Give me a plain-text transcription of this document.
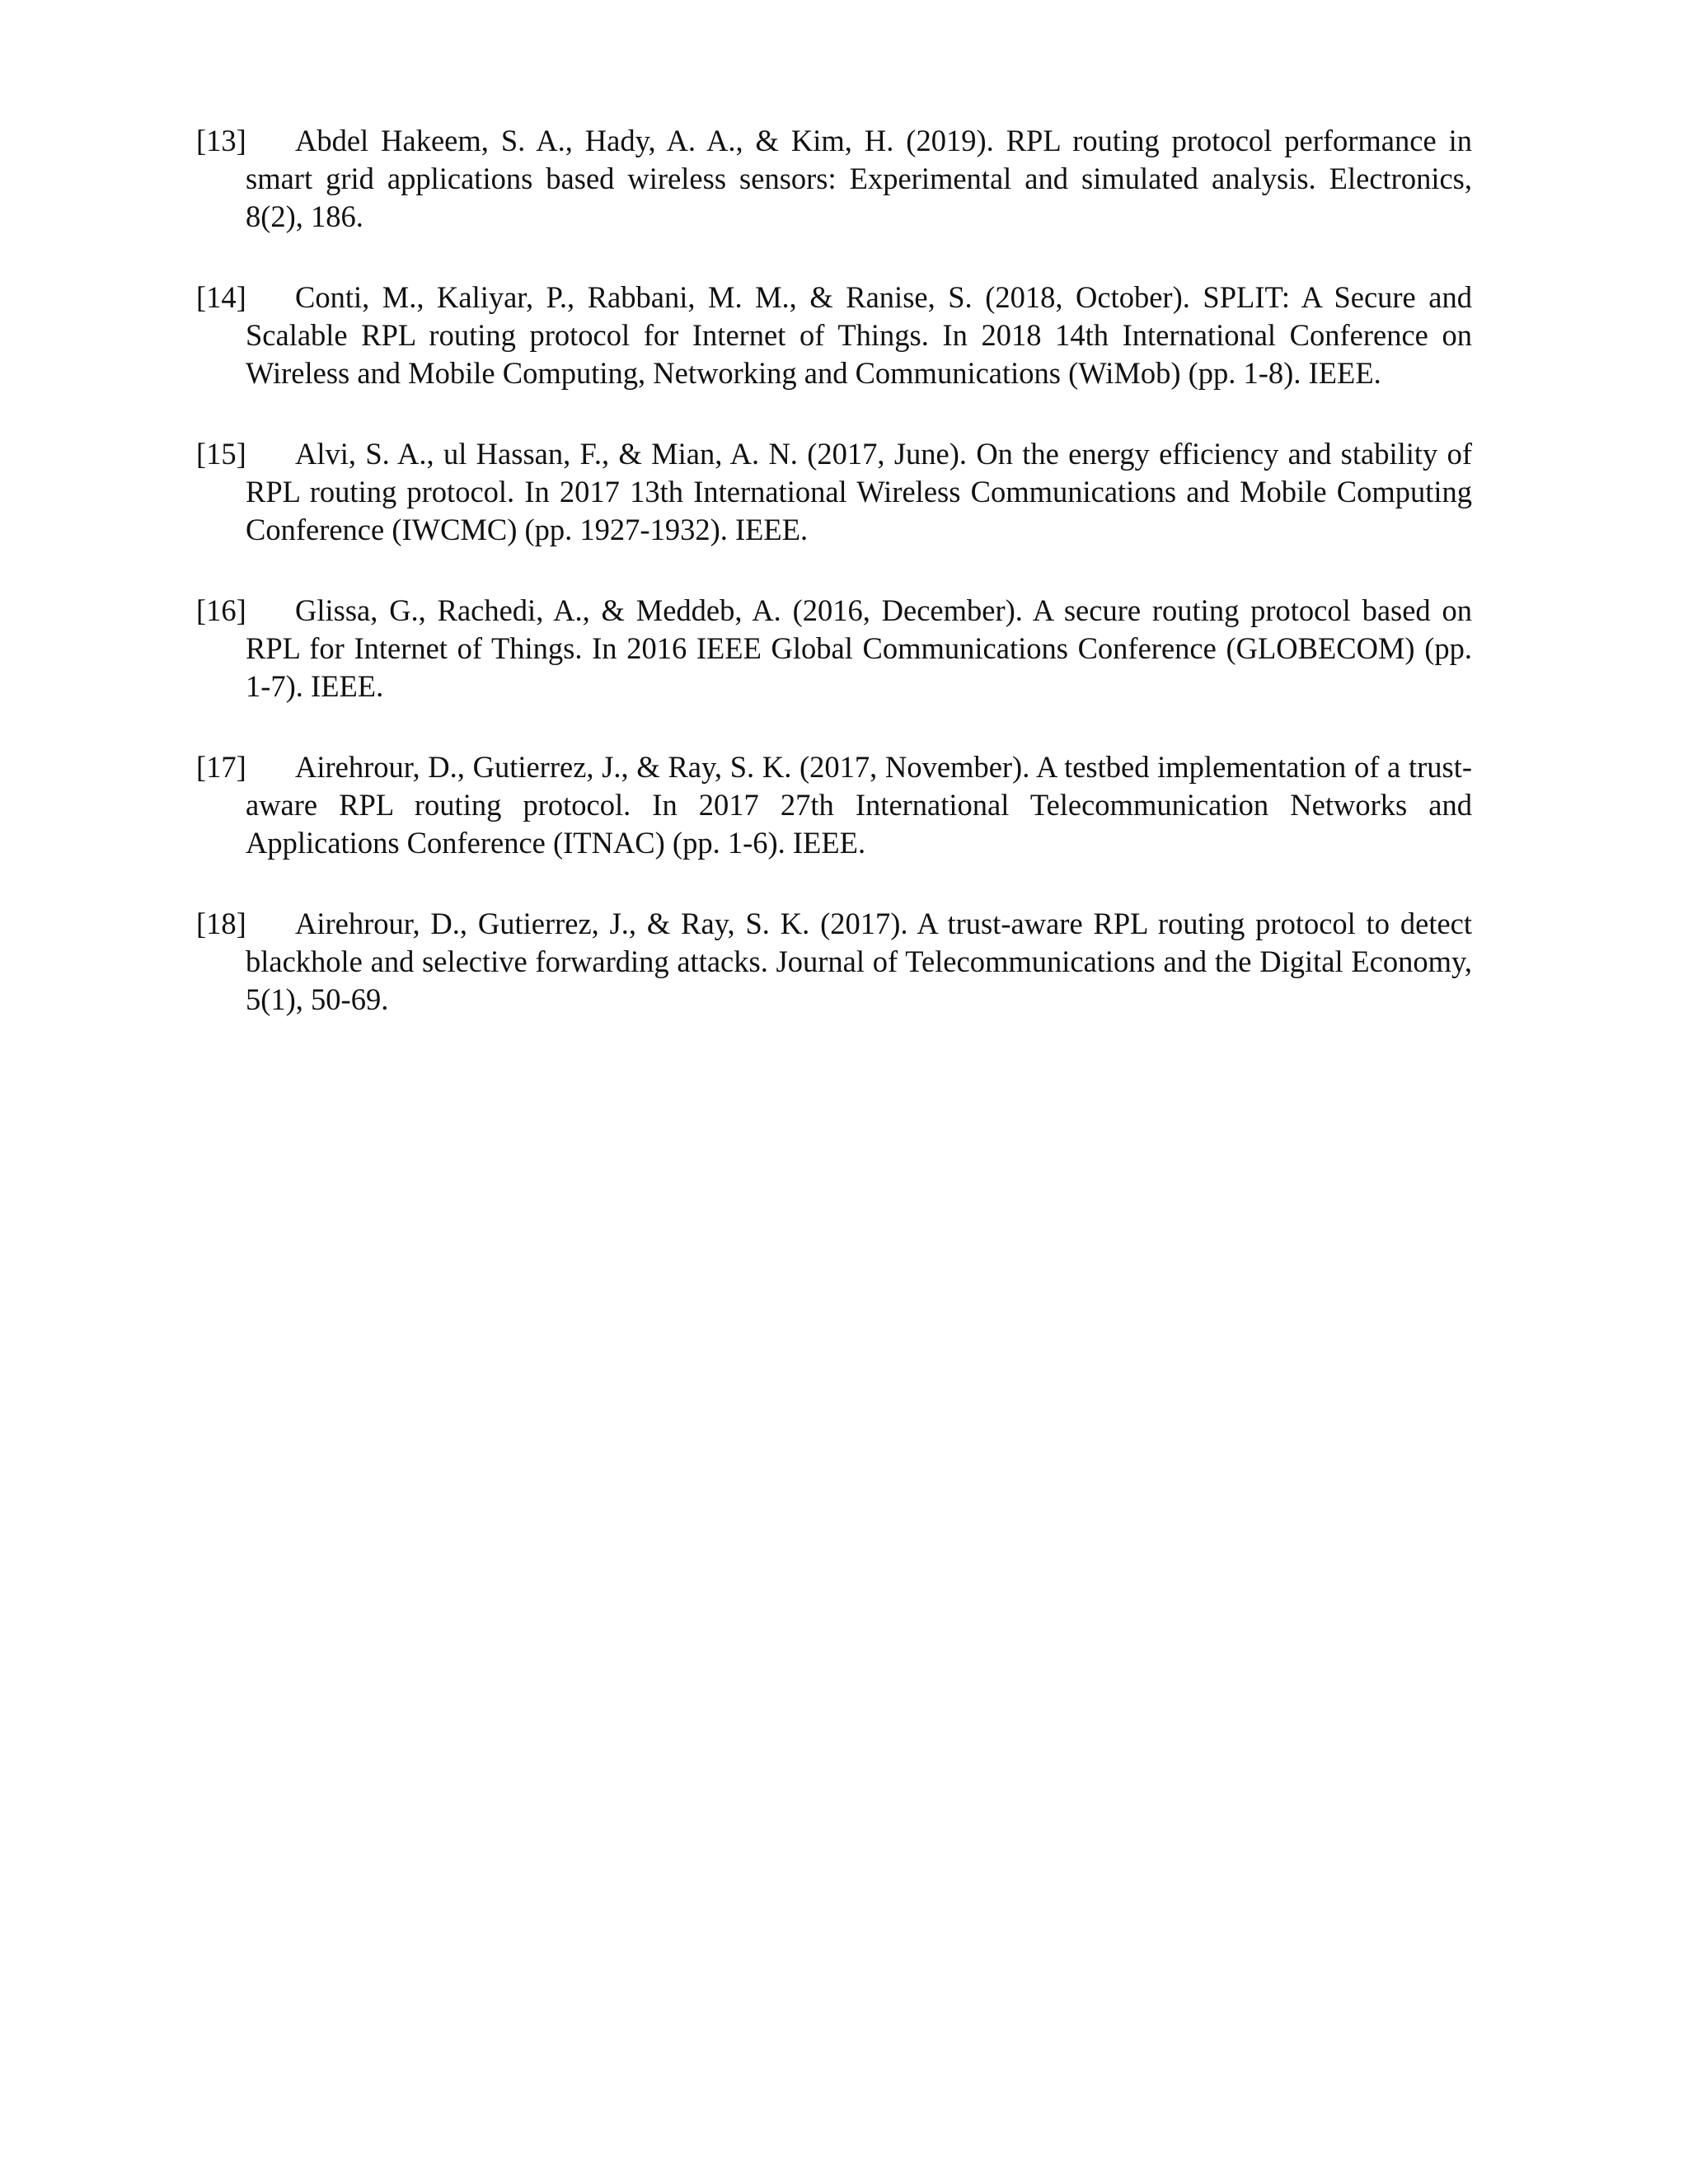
[13]	Abdel Hakeem, S. A., Hady, A. A., & Kim, H. (2019). RPL routing protocol performance in smart grid applications based wireless sensors: Experimental and simulated analysis. Electronics, 8(2), 186.
[14]	Conti, M., Kaliyar, P., Rabbani, M. M., & Ranise, S. (2018, October). SPLIT: A Secure and Scalable RPL routing protocol for Internet of Things. In 2018 14th International Conference on Wireless and Mobile Computing, Networking and Communications (WiMob) (pp. 1-8). IEEE.
[15]	Alvi, S. A., ul Hassan, F., & Mian, A. N. (2017, June). On the energy efficiency and stability of RPL routing protocol. In 2017 13th International Wireless Communications and Mobile Computing Conference (IWCMC) (pp. 1927-1932). IEEE.
[16]	Glissa, G., Rachedi, A., & Meddeb, A. (2016, December). A secure routing protocol based on RPL for Internet of Things. In 2016 IEEE Global Communications Conference (GLOBECOM) (pp. 1-7). IEEE.
[17]	Airehrour, D., Gutierrez, J., & Ray, S. K. (2017, November). A testbed implementation of a trust-aware RPL routing protocol. In 2017 27th International Telecommunication Networks and Applications Conference (ITNAC) (pp. 1-6). IEEE.
[18]	Airehrour, D., Gutierrez, J., & Ray, S. K. (2017). A trust-aware RPL routing protocol to detect blackhole and selective forwarding attacks. Journal of Telecommunications and the Digital Economy, 5(1), 50-69.
